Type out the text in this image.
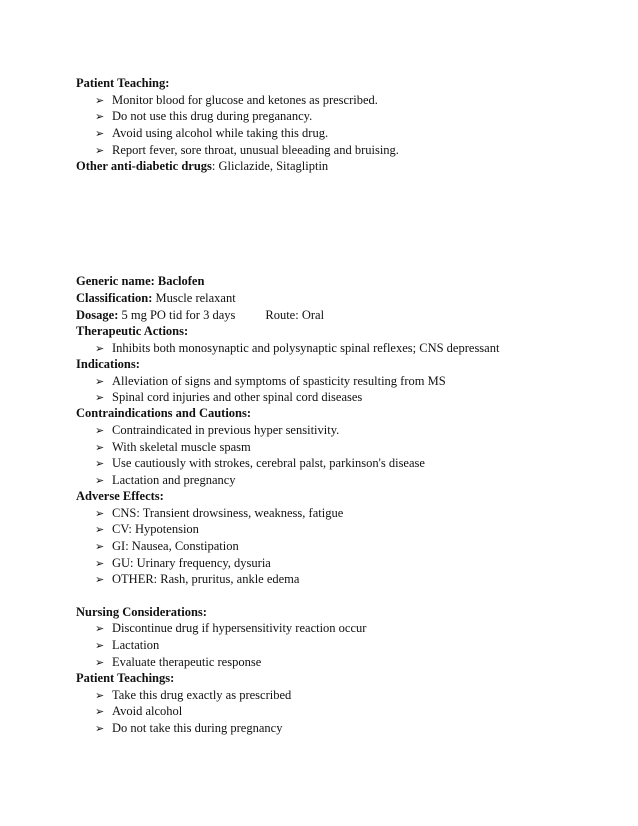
Patient Teaching:
➢ Monitor blood for glucose and ketones as prescribed.
➢ Do not use this drug during preganancy.
➢ Avoid using alcohol while taking this drug.
➢ Report fever, sore throat, unusual bleeading and bruising.
Other anti-diabetic drugs: Gliclazide, Sitagliptin
Generic name: Baclofen
Classification: Muscle relaxant
Dosage: 5 mg PO tid for 3 days Route: Oral
Therapeutic Actions:
➢ Inhibits both monosynaptic and polysynaptic spinal reflexes; CNS depressant
Indications:
➢ Alleviation of signs and symptoms of spasticity resulting from MS
➢ Spinal cord injuries and other spinal cord diseases
Contraindications and Cautions:
➢ Contraindicated in previous hyper sensitivity.
➢ With skeletal muscle spasm
➢ Use cautiously with strokes, cerebral palst, parkinson's disease
➢ Lactation and pregnancy
Adverse Effects:
➢ CNS: Transient drowsiness, weakness, fatigue
➢ CV: Hypotension
➢ GI: Nausea, Constipation
➢ GU: Urinary frequency, dysuria
➢ OTHER: Rash, pruritus, ankle edema
Nursing Considerations:
➢ Discontinue drug if hypersensitivity reaction occur
➢ Lactation
➢ Evaluate therapeutic response
Patient Teachings:
➢ Take this drug exactly as prescribed
➢ Avoid alcohol
➢ Do not take this during pregnancy
